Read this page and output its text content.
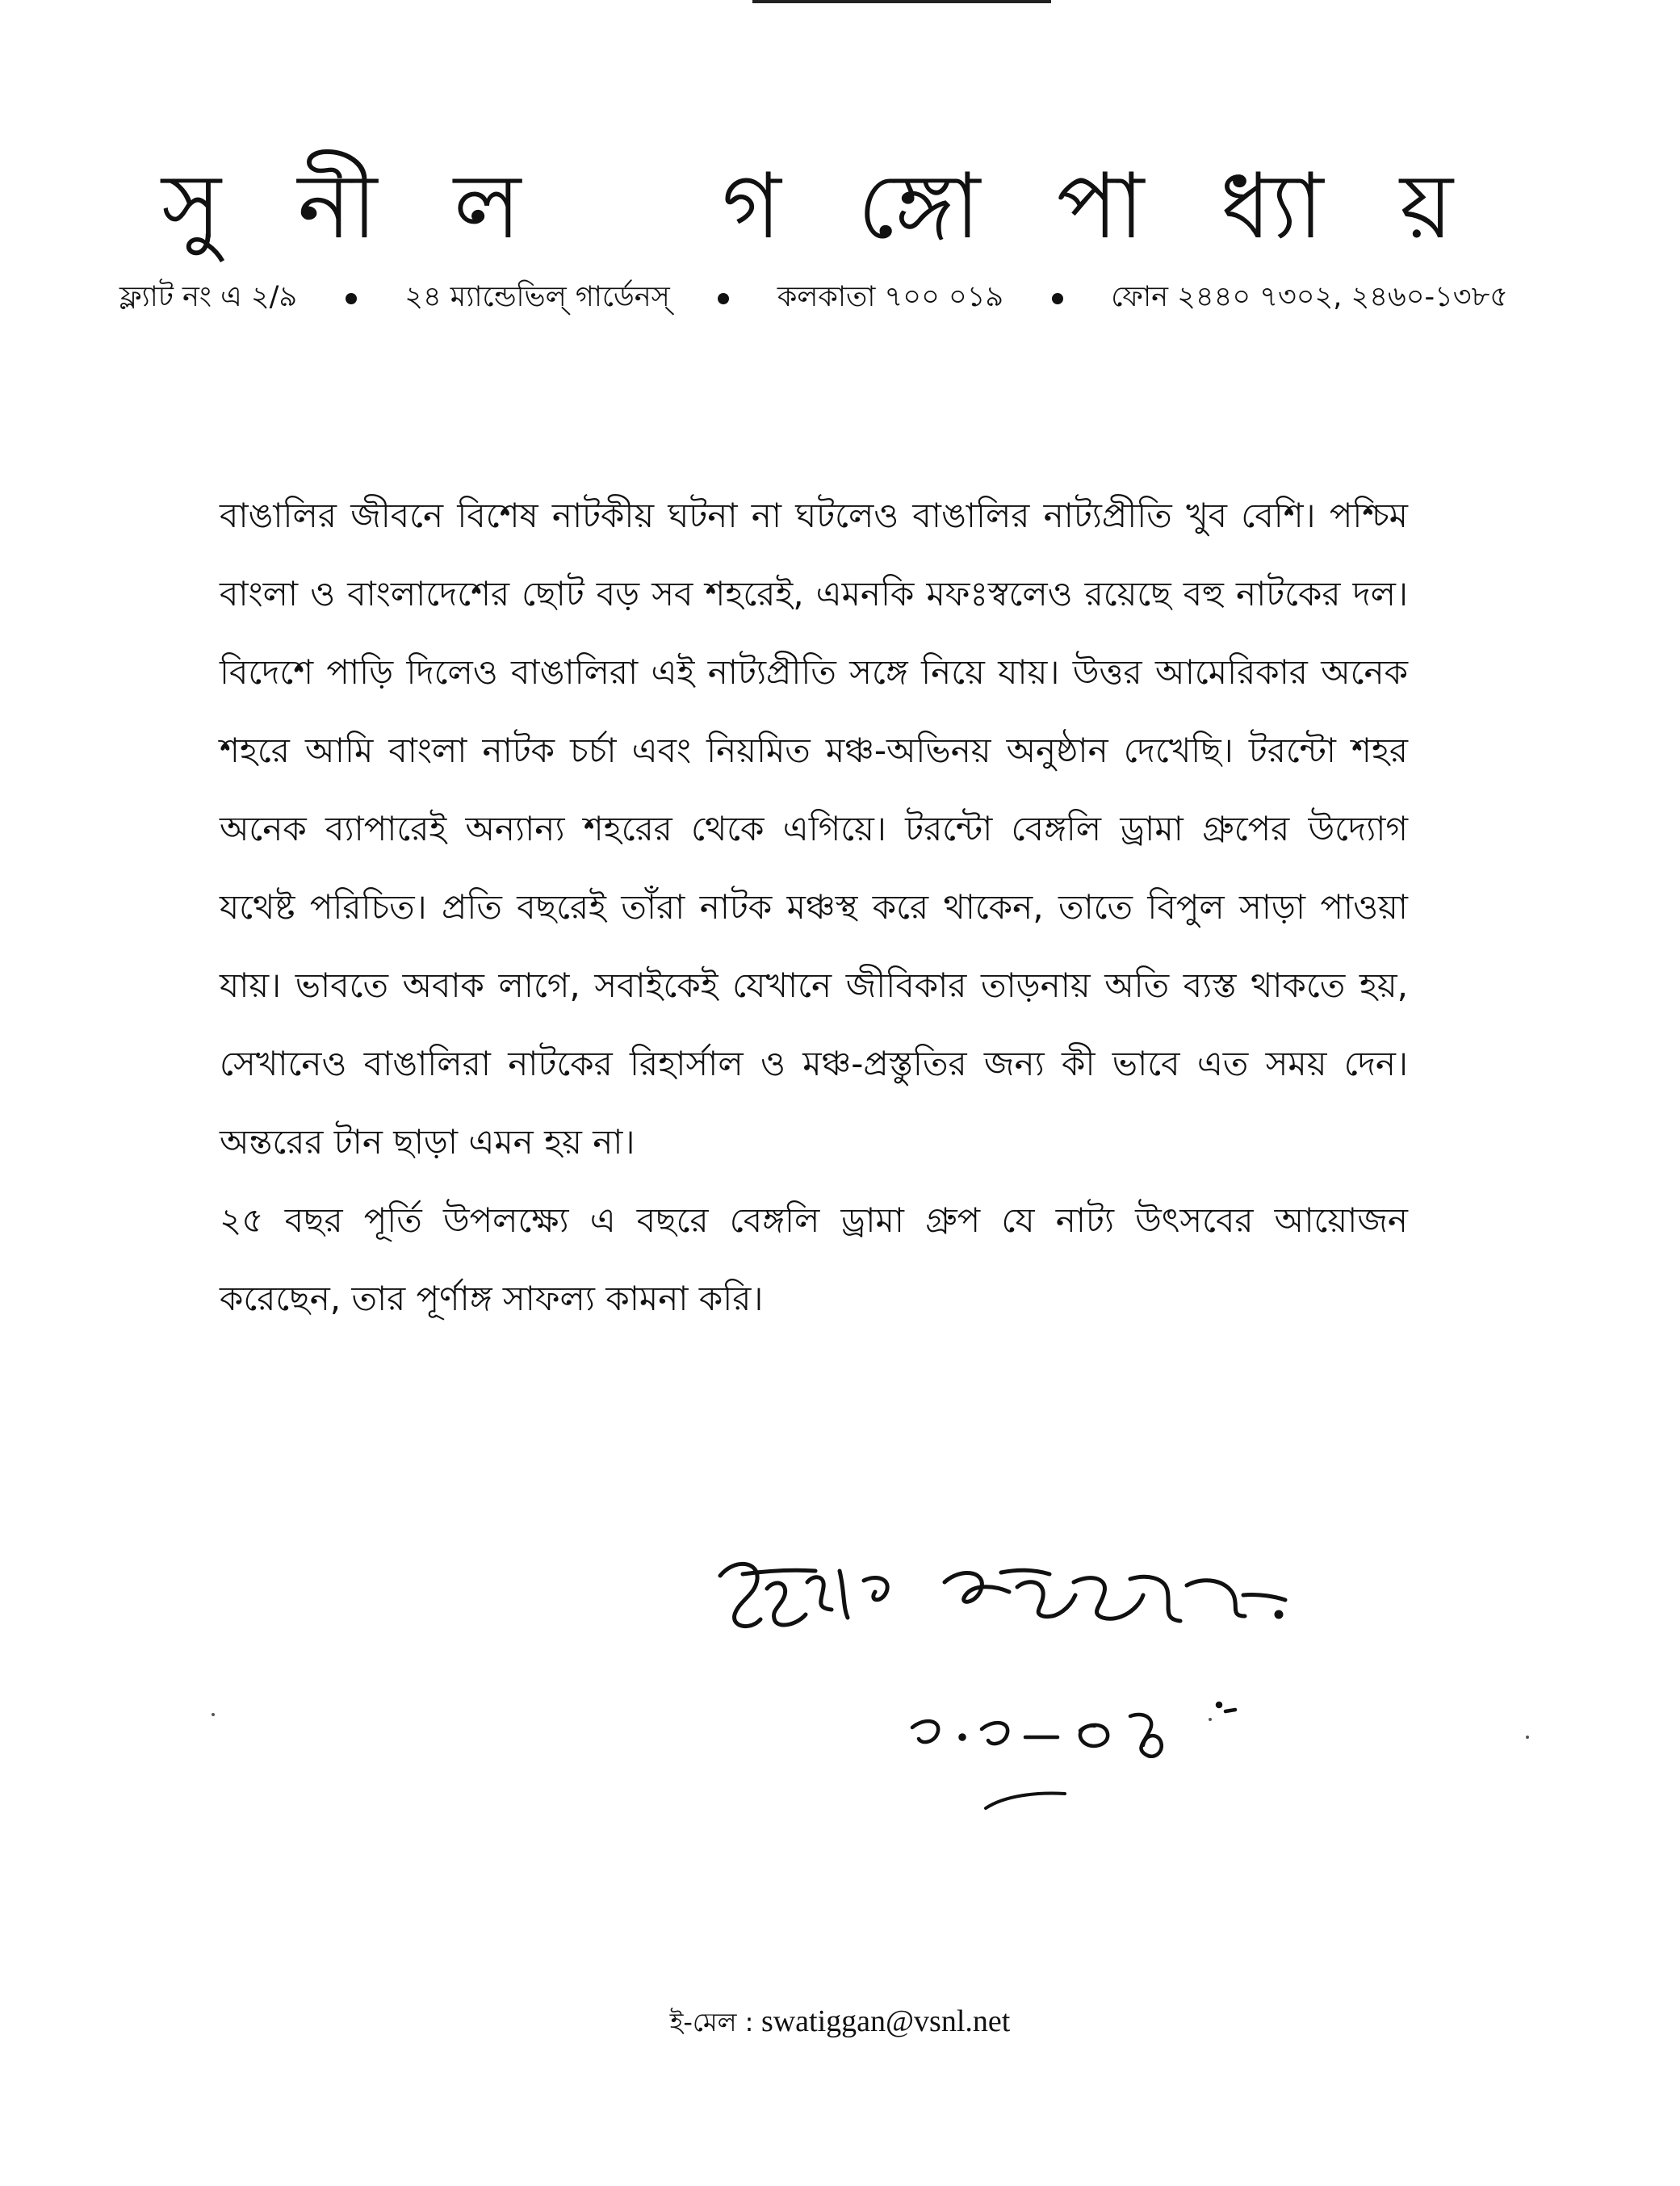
সু নী ল গ ঙ্গো পা ধ্যা য়
ফ্ল্যাট নং এ ২/৯	২৪ ম্যান্ডেভিল্ গার্ডেনস্	কলকাতা ৭০০ ০১৯	ফোন ২৪৪০ ৭৩০২, ২৪৬০-১৩৮৫

বাঙালির জীবনে বিশেষ নাটকীয় ঘটনা না ঘটলেও বাঙালির নাট্যপ্রীতি খুব বেশি। পশ্চিম বাংলা ও বাংলাদেশের ছোট বড় সব শহরেই, এমনকি মফঃস্বলেও রয়েছে বহু নাটকের দল। বিদেশে পাড়ি দিলেও বাঙালিরা এই নাট্যপ্রীতি সঙ্গে নিয়ে যায়। উত্তর আমেরিকার অনেক শহরে আমি বাংলা নাটক চর্চা এবং নিয়মিত মঞ্চ-অভিনয় অনুষ্ঠান দেখেছি। টরন্টো শহর অনেক ব্যাপারেই অন্যান্য শহরের থেকে এগিয়ে। টরন্টো বেঙ্গলি ড্রামা গ্রুপের উদ্যোগ যথেষ্ট পরিচিত। প্রতি বছরেই তাঁরা নাটক মঞ্চস্থ করে থাকেন, তাতে বিপুল সাড়া পাওয়া যায়। ভাবতে অবাক লাগে, সবাইকেই যেখানে জীবিকার তাড়নায় অতি ব্যস্ত থাকতে হয়, সেখানেও বাঙালিরা নাটকের রিহার্সাল ও মঞ্চ-প্রস্তুতির জন্য কী ভাবে এত সময় দেন। অন্তরের টান ছাড়া এমন হয় না।

২৫ বছর পূর্তি উপলক্ষ্যে এ বছরে বেঙ্গলি ড্রামা গ্রুপ যে নাট্য উৎসবের আয়োজন করেছেন, তার পূর্ণাঙ্গ সাফল্য কামনা করি।

ই-মেল : swatiggan@vsnl.net
